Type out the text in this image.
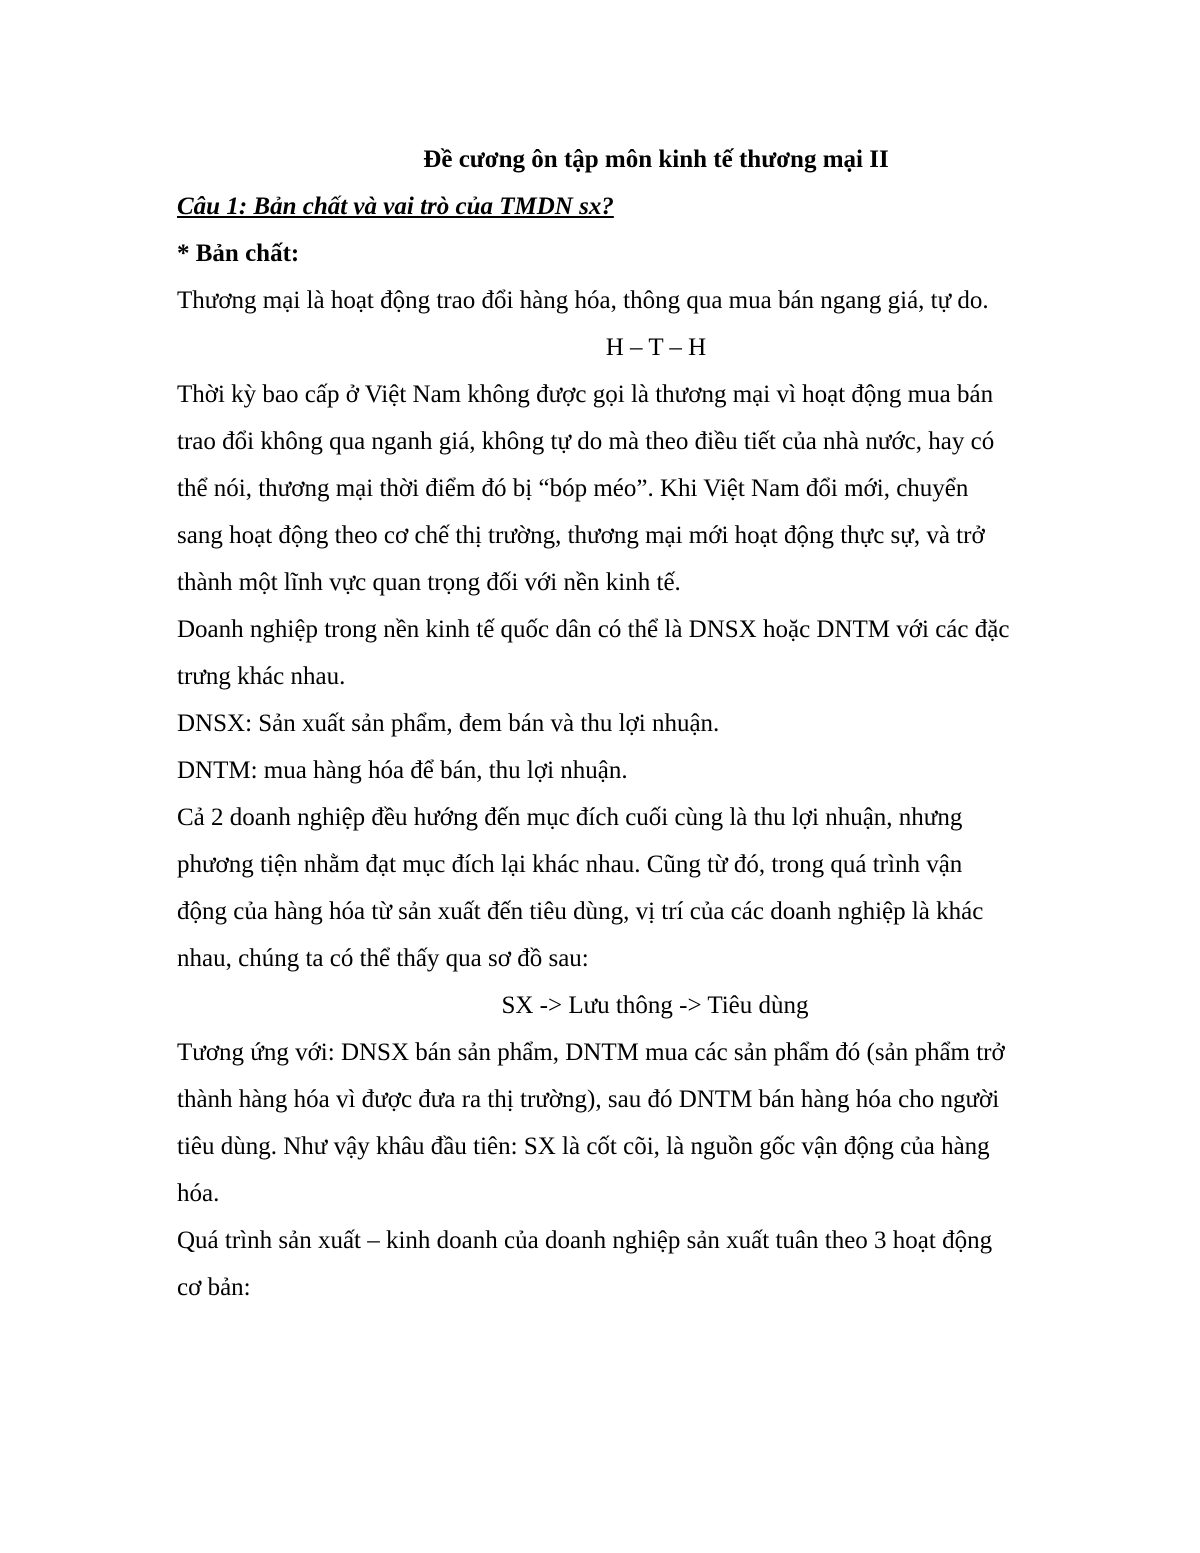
Đề cương ôn tập môn kinh tế thương mại II

Câu 1: Bản chất và vai trò của TMDN sx?

* Bản chất:

Thương mại là hoạt động trao đổi hàng hóa, thông qua mua bán ngang giá, tự do.

H – T – H

Thời kỳ bao cấp ở Việt Nam không được gọi là thương mại vì hoạt động mua bán

trao đổi không qua nganh giá, không tự do mà theo điều tiết của nhà nước, hay có

thể nói, thương mại thời điểm đó bị “bóp méo”. Khi Việt Nam đổi mới, chuyển

sang hoạt động theo cơ chế thị trường, thương mại mới hoạt động thực sự, và trở

thành một lĩnh vực quan trọng đối với nền kinh tế.

Doanh nghiệp trong nền kinh tế quốc dân có thể là DNSX hoặc DNTM với các đặc

trưng khác nhau.

DNSX: Sản xuất sản phẩm, đem bán và thu lợi nhuận.

DNTM: mua hàng hóa để bán, thu lợi nhuận.

Cả 2 doanh nghiệp đều hướng đến mục đích cuối cùng là thu lợi nhuận, nhưng

phương tiện nhằm đạt mục đích lại khác nhau. Cũng từ đó, trong quá trình vận

động của hàng hóa từ sản xuất đến tiêu dùng, vị trí của các doanh nghiệp là khác

nhau, chúng ta có thể thấy qua sơ đồ sau:

SX -> Lưu thông -> Tiêu dùng

Tương ứng với: DNSX bán sản phẩm, DNTM mua các sản phẩm đó (sản phẩm trở

thành hàng hóa vì được đưa ra thị trường), sau đó DNTM bán hàng hóa cho người

tiêu dùng. Như vậy khâu đầu tiên: SX là cốt cõi, là nguồn gốc vận động của hàng

hóa.

Quá trình sản xuất – kinh doanh của doanh nghiệp sản xuất tuân theo 3 hoạt động

cơ bản:
